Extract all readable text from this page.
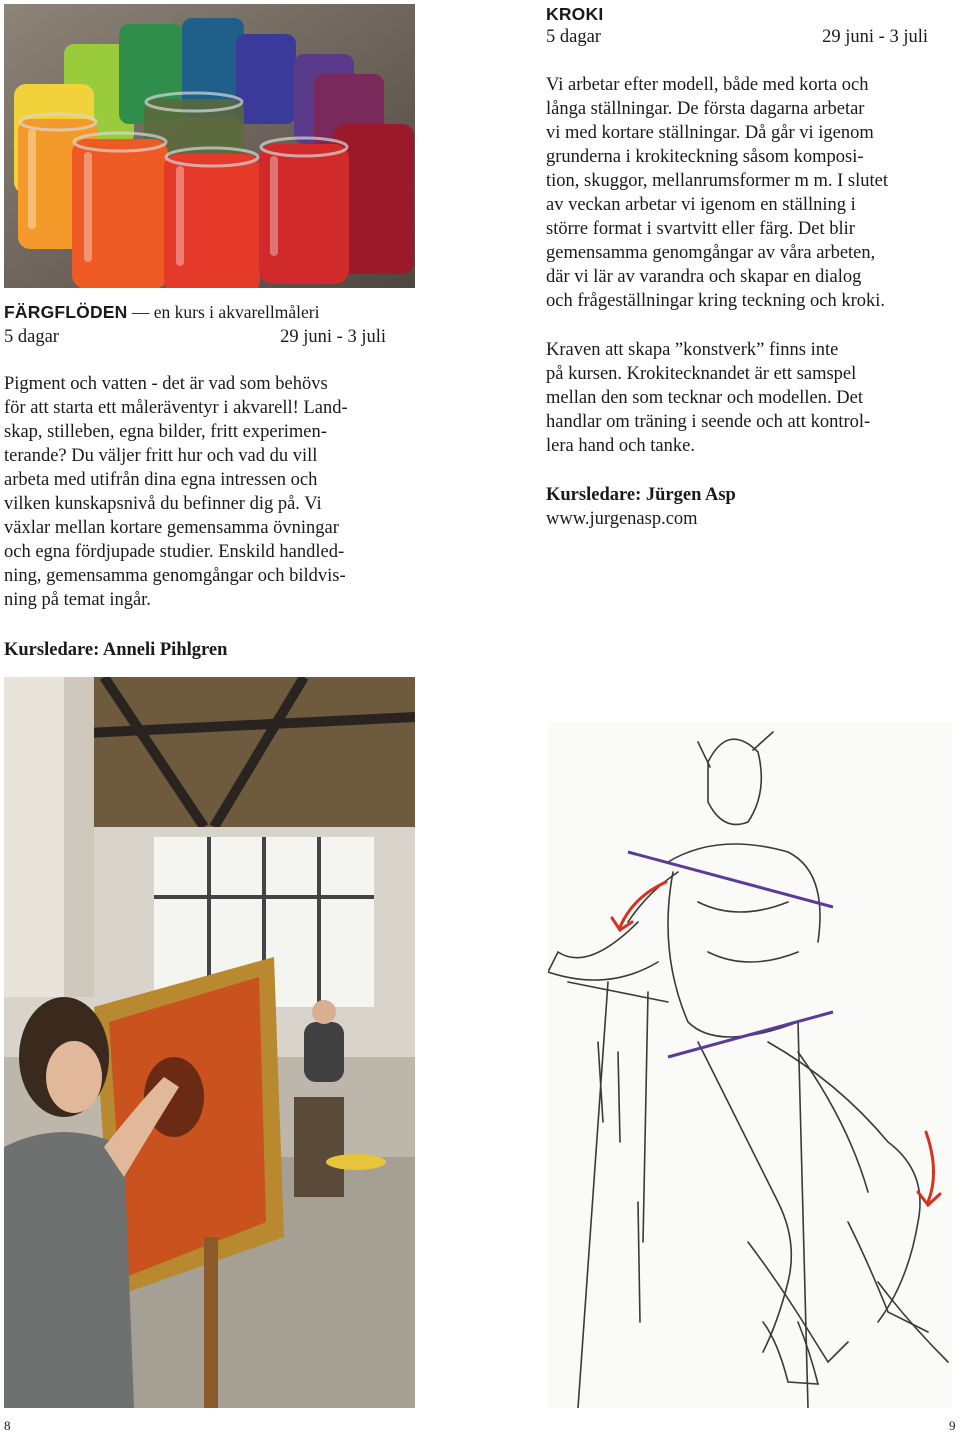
FÄRGFLÖDEN — en kurs i akvarellmåleri
5 dagar	29 juni - 3 juli
Pigment och vatten - det är vad som behövs
för att starta ett måleräventyr i akvarell! Land-
skap, stilleben, egna bilder, fritt experimen-
terande? Du väljer fritt hur och vad du vill
arbeta med utifrån dina egna intressen och
vilken kunskapsnivå du befinner dig på. Vi
växlar mellan kortare gemensamma övningar
och egna fördjupade studier. Enskild handled-
ning, gemensamma genomgångar och bildvis-
ning på temat ingår.
Kursledare: Anneli Pihlgren
8
KROKI
5 dagar	29 juni - 3 juli
Vi arbetar efter modell, både med korta och
långa ställningar. De första dagarna arbetar
vi med kortare ställningar. Då går vi igenom
grunderna i krokiteckning såsom komposi-
tion, skuggor, mellanrumsformer m m. I slutet
av veckan arbetar vi igenom en ställning i
större format i svartvitt eller färg. Det blir
gemensamma genomgångar av våra arbeten,
där vi lär av varandra och skapar en dialog
och frågeställningar kring teckning och kroki.
Kraven att skapa ”konstverk” finns inte
på kursen. Krokitecknandet är ett samspel
mellan den som tecknar och modellen. Det
handlar om träning i seende och att kontrol-
lera hand och tanke.
Kursledare: Jürgen Asp
www.jurgenasp.com
9
